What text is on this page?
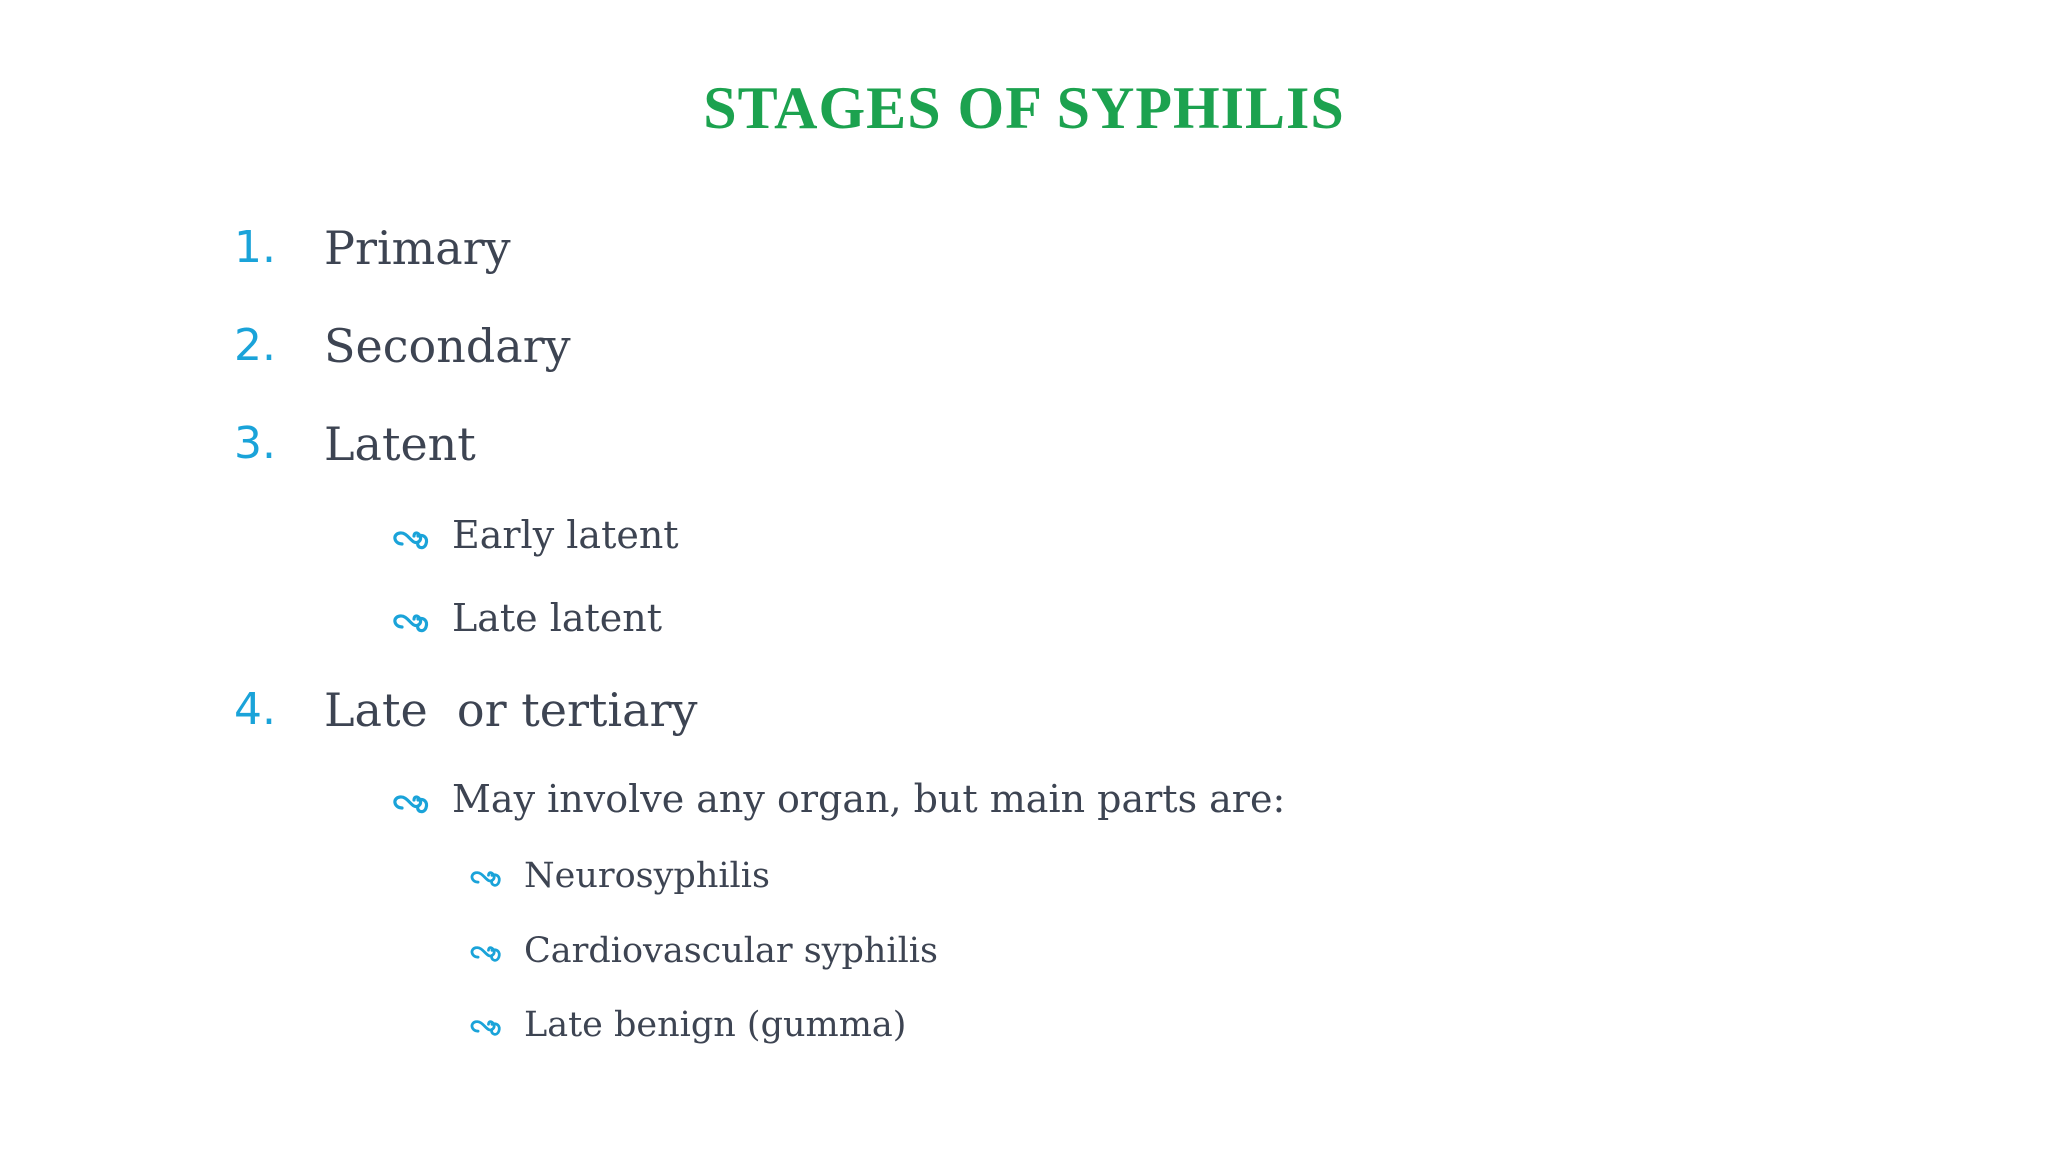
STAGES OF SYPHILIS
1. Primary
2. Secondary
3. Latent
Early latent
Late latent
4. Late  or tertiary
May involve any organ, but main parts are:
Neurosyphilis
Cardiovascular syphilis
Late benign (gumma)
